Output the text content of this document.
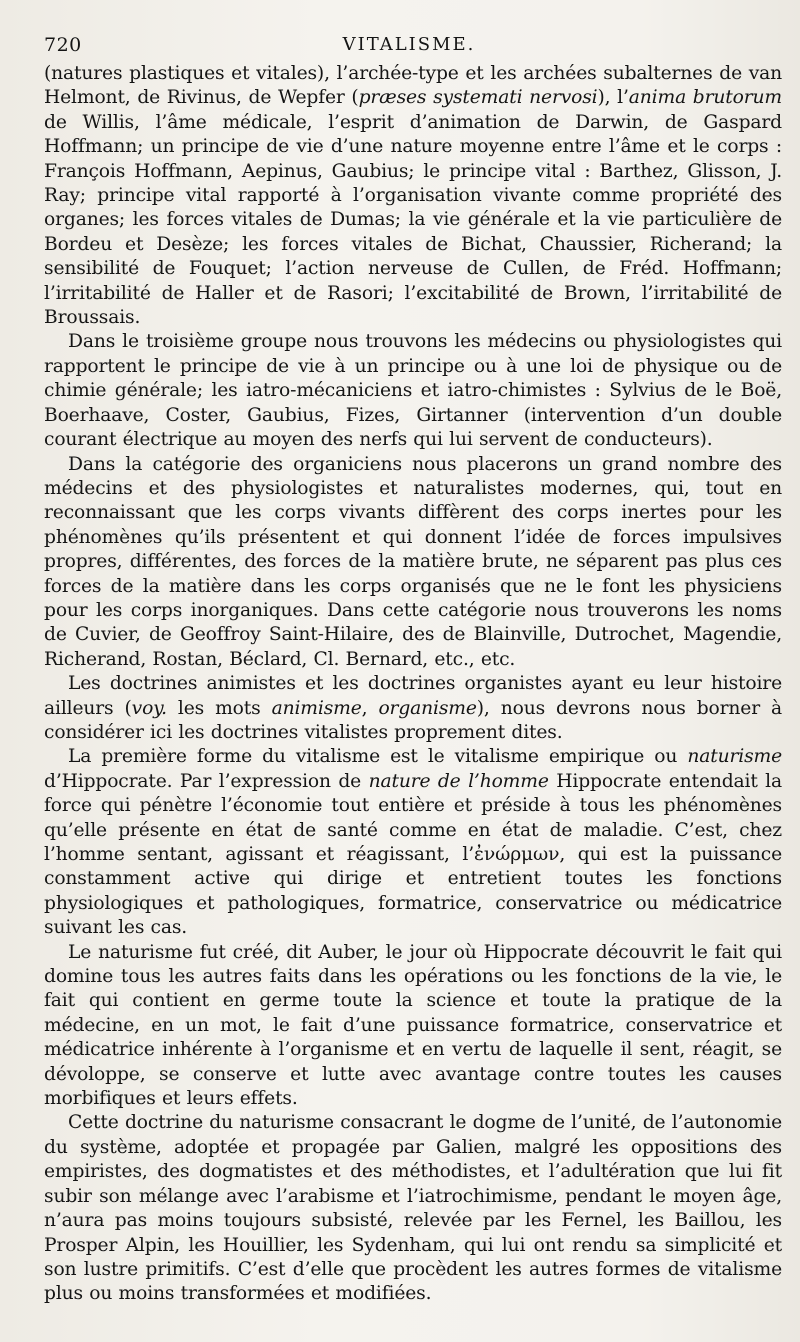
720	VITALISME.

(natures plastiques et vitales), l’archée-type et les archées subalternes de van Helmont, de Rivinus, de Wepfer (præses systemati nervosi), l’anima brutorum de Willis, l’âme médicale, l’esprit d’animation de Darwin, de Gaspard Hoffmann; un principe de vie d’une nature moyenne entre l’âme et le corps : François Hoffmann, Aepinus, Gaubius; le principe vital : Barthez, Glisson, J. Ray; principe vital rapporté à l’organisation vivante comme propriété des organes; les forces vitales de Dumas; la vie générale et la vie particulière de Bordeu et Desèze; les forces vitales de Bichat, Chaussier, Richerand; la sensibilité de Fouquet; l’action nerveuse de Cullen, de Fréd. Hoffmann; l’irritabilité de Haller et de Rasori; l’excitabilité de Brown, l’irritabilité de Broussais.

Dans le troisième groupe nous trouvons les médecins ou physiologistes qui rapportent le principe de vie à un principe ou à une loi de physique ou de chimie générale; les iatro-mécaniciens et iatro-chimistes : Sylvius de le Boë, Boerhaave, Coster, Gaubius, Fizes, Girtanner (intervention d’un double courant électrique au moyen des nerfs qui lui servent de conducteurs).

Dans la catégorie des organiciens nous placerons un grand nombre des médecins et des physiologistes et naturalistes modernes, qui, tout en reconnaissant que les corps vivants diffèrent des corps inertes pour les phénomènes qu’ils présentent et qui donnent l’idée de forces impulsives propres, différentes, des forces de la matière brute, ne séparent pas plus ces forces de la matière dans les corps organisés que ne le font les physiciens pour les corps inorganiques. Dans cette catégorie nous trouverons les noms de Cuvier, de Geoffroy Saint-Hilaire, des de Blainville, Dutrochet, Magendie, Richerand, Rostan, Béclard, Cl. Bernard, etc., etc.

Les doctrines animistes et les doctrines organistes ayant eu leur histoire ailleurs (voy. les mots animisme, organisme), nous devrons nous borner à considérer ici les doctrines vitalistes proprement dites.

La première forme du vitalisme est le vitalisme empirique ou naturisme d’Hippocrate. Par l’expression de nature de l’homme Hippocrate entendait la force qui pénètre l’économie tout entière et préside à tous les phénomènes qu’elle présente en état de santé comme en état de maladie. C’est, chez l’homme sentant, agissant et réagissant, l’ἐνώρμων, qui est la puissance constamment active qui dirige et entretient toutes les fonctions physiologiques et pathologiques, formatrice, conservatrice ou médicatrice suivant les cas.

Le naturisme fut créé, dit Auber, le jour où Hippocrate découvrit le fait qui domine tous les autres faits dans les opérations ou les fonctions de la vie, le fait qui contient en germe toute la science et toute la pratique de la médecine, en un mot, le fait d’une puissance formatrice, conservatrice et médicatrice inhérente à l’organisme et en vertu de laquelle il sent, réagit, se dévoloppe, se conserve et lutte avec avantage contre toutes les causes morbifiques et leurs effets.

Cette doctrine du naturisme consacrant le dogme de l’unité, de l’autonomie du système, adoptée et propagée par Galien, malgré les oppositions des empiristes, des dogmatistes et des méthodistes, et l’adultération que lui fit subir son mélange avec l’arabisme et l’iatrochimisme, pendant le moyen âge, n’aura pas moins toujours subsisté, relevée par les Fernel, les Baillou, les Prosper Alpin, les Houillier, les Sydenham, qui lui ont rendu sa simplicité et son lustre primitifs. C’est d’elle que procèdent les autres formes de vitalisme plus ou moins transformées et modifiées.
